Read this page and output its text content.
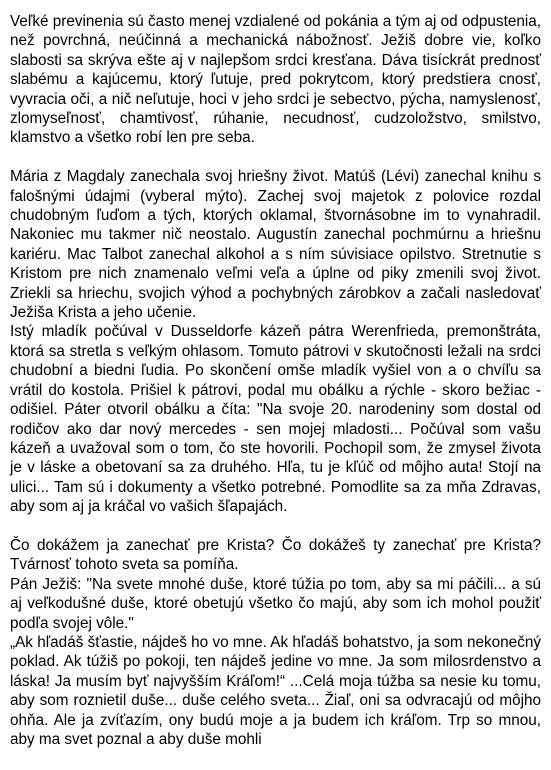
Veľké previnenia sú často menej vzdialené od pokánia a tým aj od odpustenia, než povrchná, neúčinná a mechanická nábožnosť. Ježiš dobre vie, koľko slabosti sa skrýva ešte aj v najlepšom srdci kresťana. Dáva tisíckrát prednosť slabému a kajúcemu, ktorý ľutuje, pred pokrytcom, ktorý predstiera cnosť, vyvracia oči, a nič neľutuje, hoci v jeho srdci je sebectvo, pýcha, namyslenosť, zlomyseľnosť, chamtivosť, rúhanie, necudnosť, cudzoložstvo, smilstvo, klamstvo a všetko robí len pre seba.

Mária z Magdaly zanechala svoj hriešny život. Matúš (Lévi) zanechal knihu s falošnými údajmi (vyberal mýto). Zachej svoj majetok z polovice rozdal chudobným ľuďom a tých, ktorých oklamal, štvornásobne im to vynahradil. Nakoniec mu takmer nič neostalo. Augustín zanechal pochmúrnu a hriešnu kariéru. Mac Talbot zanechal alkohol a s ním súvisiace opilstvo. Stretnutie s Kristom pre nich znamenalo veľmi veľa a úplne od piky zmenili svoj život. Zriekli sa hriechu, svojich výhod a pochybných zárobkov a začali nasledovať Ježiša Krista a jeho učenie.

Istý mladík počúval v Dusseldorfe kázeň pátra Werenfrieda, premonštráta, ktorá sa stretla s veľkým ohlasom. Tomuto pátrovi v skutočnosti ležali na srdci chudobní a biedni ľudia. Po skončení omše mladík vyšiel von a o chvíľu sa vrátil do kostola. Prišiel k pátrovi, podal mu obálku a rýchle - skoro bežiac - odišiel. Páter otvoril obálku a číta: "Na svoje 20. narodeniny som dostal od rodičov ako dar nový mercedes - sen mojej mladosti... Počúval som vašu kázeň a uvažoval som o tom, čo ste hovorili. Pochopil som, že zmysel života je v láske a obetovaní sa za druhého. Hľa, tu je kľúč od môjho auta! Stojí na ulici... Tam sú i dokumenty a všetko potrebné. Pomodlite sa za mňa Zdravas, aby som aj ja kráčal vo vašich šľapajách.

Čo dokážem ja zanechať pre Krista? Čo dokážeš ty zanechať pre Krista? Tvárnosť tohoto sveta sa pomíňa.

Pán Ježiš: "Na svete mnohé duše, ktoré túžia po tom, aby sa mi páčili... a sú aj veľkodušné duše, ktoré obetujú všetko čo majú, aby som ich mohol použiť podľa svojej vôle."

„Ak hľadáš šťastie, nájdeš ho vo mne. Ak hľadáš bohatstvo, ja som nekonečný poklad. Ak túžiš po pokoji, ten nájdeš jedine vo mne. Ja som milosrdenstvo a láska! Ja musím byť najvyšším Kráľom!“ ...Celá moja túžba sa nesie ku tomu, aby som roznietil duše... duše celého sveta... Žiaľ, oni sa odvracajú od môjho ohňa. Ale ja zvíťazím, ony budú moje a ja budem ich kráľom. Trp so mnou, aby ma svet poznal a aby duše mohli
